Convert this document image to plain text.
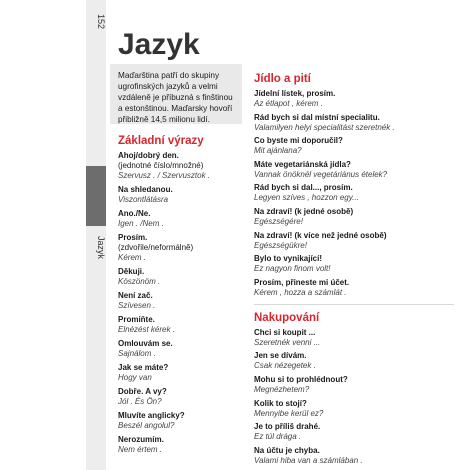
152
Jazyk
Jazyk

Maďarština patří do skupiny ugrofinských jazyků a velmi vzdáleně je příbuzná s finštinou a estonštinou. Maďarsky hovoří přibližně 14,5 milionu lidí.

Základní výrazy
Ahoj/dobrý den.
(jednotné číslo/množné)
Szervusz . / Szervusztok .
Na shledanou.
Viszontlátásra
Ano./Ne.
Igen . /Nem .
Prosím.
(zdvořile/neformálně)
Kérem .
Děkuji.
Köszönöm .
Není zač.
Szívesen .
Promiňte.
Elnézést kérek .
Omlouvám se.
Sajnálom .
Jak se máte?
Hogy van
Dobře. A vy?
Jól . És Ön?
Mluvíte anglicky?
Beszél angolul?
Nerozumím.
Nem értem .
Jídlo a pití
Jídelní lístek, prosím.
Az étlapot , kérem .
Rád bych si dal místní specialitu.
Valamilyen helyi specialitást szeretnék .
Co byste mi doporučil?
Mit ajánlana?
Máte vegetariánská jídla?
Vannak önöknél vegetáriánus ételek?
Rád bych si dal..., prosím.
Legyen szíves , hozzon egy...
Na zdraví! (k jedné osobě)
Egészségére!
Na zdraví! (k více než jedné osobě)
Egészségükre!
Bylo to vynikající!
Ez nagyon finom volt!
Prosím, přineste mi účet.
Kérem , hozza a számlát .
Nakupování
Chci si koupit ...
Szeretnék venni ...
Jen se dívám.
Csak nézegetek .
Mohu si to prohlédnout?
Megnézhetem?
Kolik to stojí?
Mennyibe kerül ez?
Je to příliš drahé.
Ez túl drága .
Na účtu je chyba.
Valami hiba van a számlában .
